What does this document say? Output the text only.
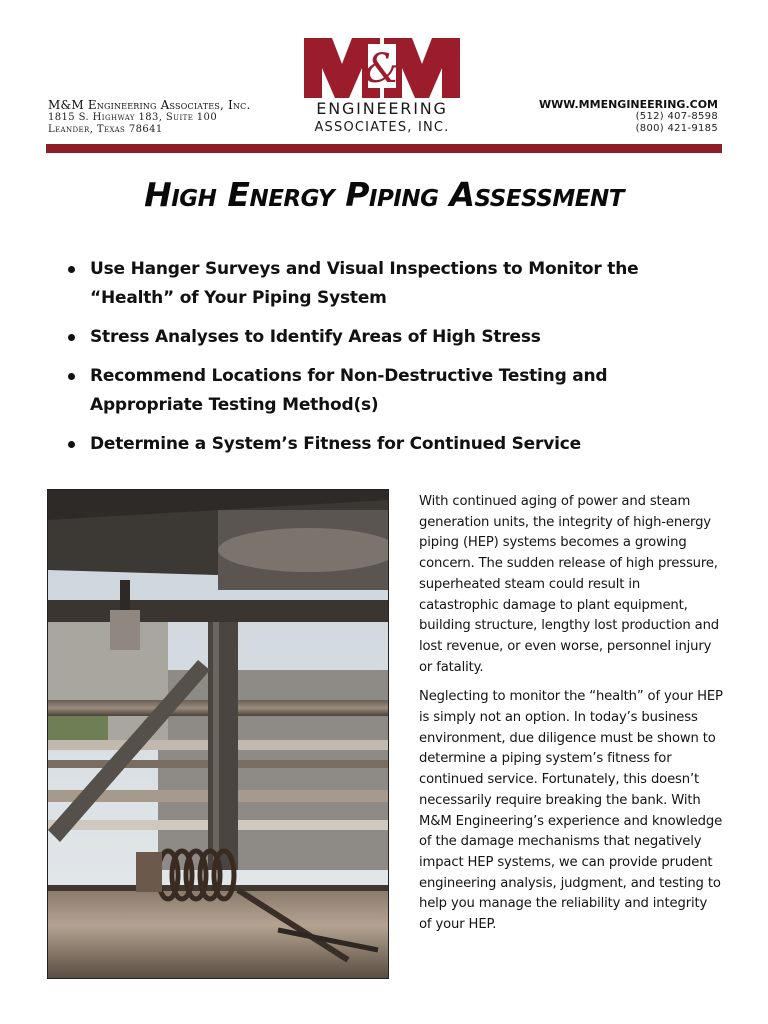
M&M Engineering Associates, Inc.
1815 S. Highway 183, Suite 100
Leander, Texas 78641
&
ENGINEERING
ASSOCIATES, INC.
WWW.MMENGINEERING.COM
(512) 407-8598
(800) 421-9185
High Energy Piping Assessment
Use Hanger Surveys and Visual Inspections to Monitor the “Health” of Your Piping System
Stress Analyses to Identify Areas of High Stress
Recommend Locations for Non-Destructive Testing and Appropriate Testing Method(s)
Determine a System’s Fitness for Continued Service

With continued aging of power and steam generation units, the integrity of high-energy piping (HEP) systems becomes a growing concern. The sudden release of high pressure, superheated steam could result in catastrophic damage to plant equipment, building structure, lengthy lost production and lost revenue, or even worse, personnel injury or fatality.

Neglecting to monitor the “health” of your HEP is simply not an option. In today’s business environment, due diligence must be shown to determine a piping system’s fitness for continued service. Fortunately, this doesn’t necessarily require breaking the bank. With M&M Engineering’s experience and knowledge of the damage mechanisms that negatively impact HEP systems, we can provide prudent engineering analysis, judgment, and testing to help you manage the reliability and integrity of your HEP.
